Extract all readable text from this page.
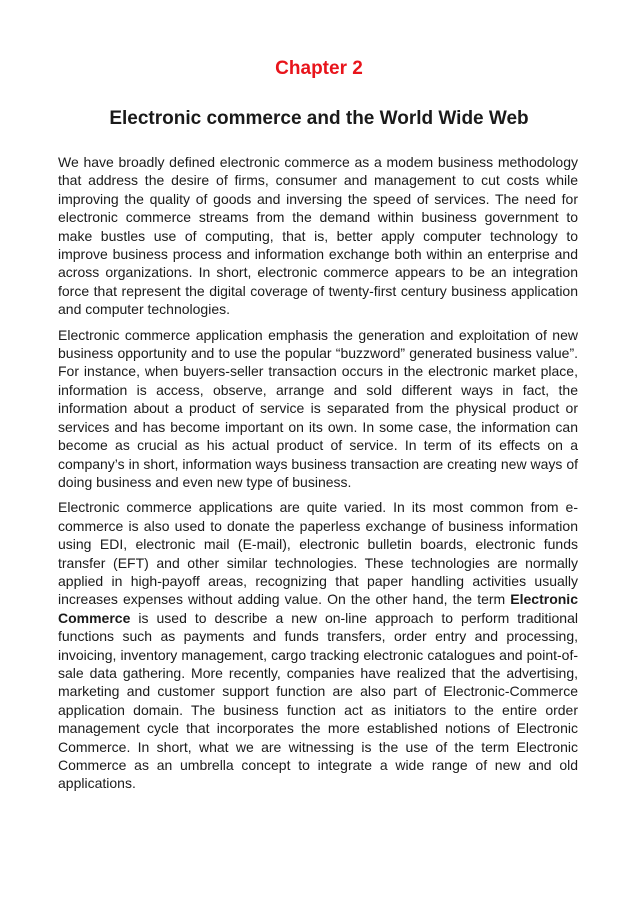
Chapter 2
Electronic commerce and the World Wide Web

We have broadly defined electronic commerce as a modem business methodology that address the desire of firms, consumer and management to cut costs while improving the quality of goods and inversing the speed of services. The need for electronic commerce streams from the demand within business government to make bustles use of computing, that is, better apply computer technology to improve business process and information exchange both within an enterprise and across organizations. In short, electronic commerce appears to be an integration force that represent the digital coverage of twenty-first century business application and computer technologies.

Electronic commerce application emphasis the generation and exploitation of new business opportunity and to use the popular “buzzword” generated business value”. For instance, when buyers-seller transaction occurs in the electronic market place, information is access, observe, arrange and sold different ways in fact, the information about a product of service is separated from the physical product or services and has become important on its own. In some case, the information can become as crucial as his actual product of service. In term of its effects on a company’s in short, information ways business transaction are creating new ways of doing business and even new type of business.

Electronic commerce applications are quite varied. In its most common from e-commerce is also used to donate the paperless exchange of business information using EDI, electronic mail (E-mail), electronic bulletin boards, electronic funds transfer (EFT) and other similar technologies. These technologies are normally applied in high-payoff areas, recognizing that paper handling activities usually increases expenses without adding value. On the other hand, the term Electronic Commerce is used to describe a new on-line approach to perform traditional functions such as payments and funds transfers, order entry and processing, invoicing, inventory management, cargo tracking electronic catalogues and point-of-sale data gathering. More recently, companies have realized that the advertising, marketing and customer support function are also part of Electronic-Commerce application domain. The business function act as initiators to the entire order management cycle that incorporates the more established notions of Electronic Commerce. In short, what we are witnessing is the use of the term Electronic Commerce as an umbrella concept to integrate a wide range of new and old applications.
